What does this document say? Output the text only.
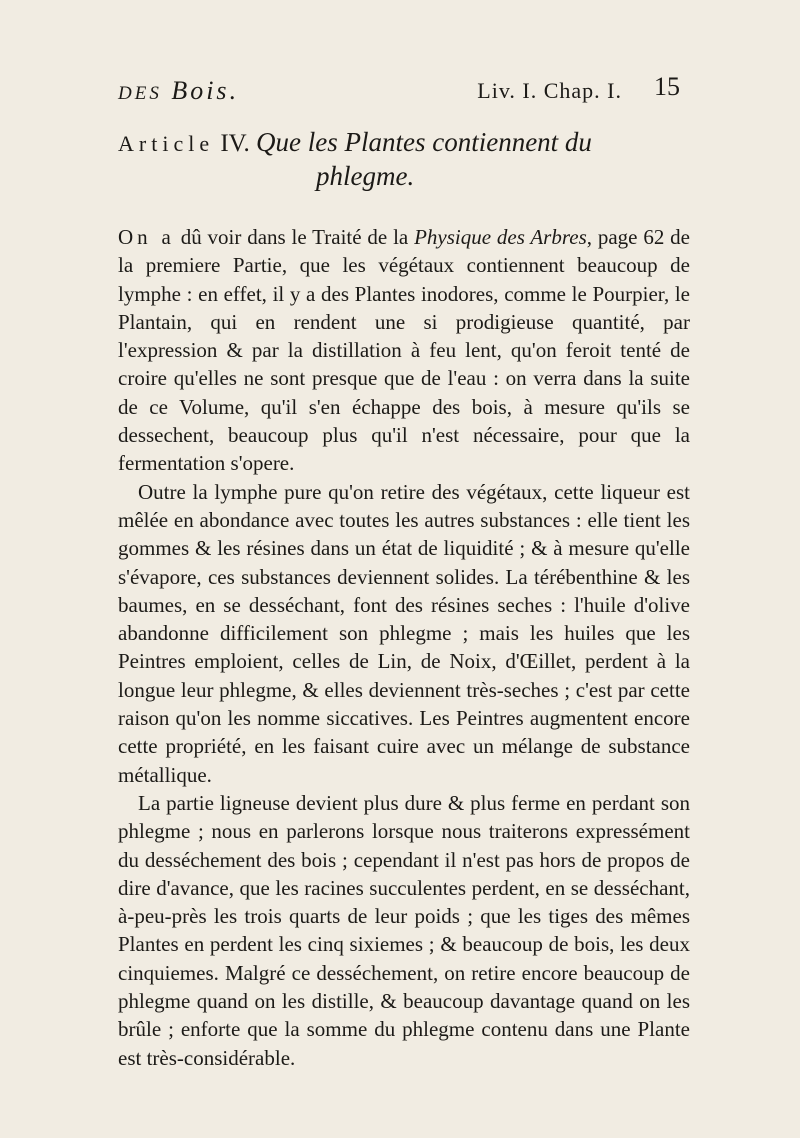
DES Bois.	Liv. I. Chap. I. 15
Article IV. Que les Plantes contiennent du
phlegme.

On a dû voir dans le Traité de la Physique des Arbres, page 62 de la premiere Partie, que les végétaux contiennent beaucoup de lymphe : en effet, il y a des Plantes inodores, comme le Pourpier, le Plantain, qui en rendent une si prodigieuse quantité, par l'expression & par la distillation à feu lent, qu'on feroit tenté de croire qu'elles ne sont presque que de l'eau : on verra dans la suite de ce Volume, qu'il s'en échappe des bois, à mesure qu'ils se dessechent, beaucoup plus qu'il n'est nécessaire, pour que la fermentation s'opere.

Outre la lymphe pure qu'on retire des végétaux, cette liqueur est mêlée en abondance avec toutes les autres substances : elle tient les gommes & les résines dans un état de liquidité ; & à mesure qu'elle s'évapore, ces substances deviennent solides. La térébenthine & les baumes, en se desséchant, font des résines seches : l'huile d'olive abandonne difficilement son phlegme ; mais les huiles que les Peintres emploient, celles de Lin, de Noix, d'Œillet, perdent à la longue leur phlegme, & elles deviennent très-seches ; c'est par cette raison qu'on les nomme siccatives. Les Peintres augmentent encore cette propriété, en les faisant cuire avec un mélange de substance métallique.

La partie ligneuse devient plus dure & plus ferme en perdant son phlegme ; nous en parlerons lorsque nous traiterons expressément du desséchement des bois ; cependant il n'est pas hors de propos de dire d'avance, que les racines succulentes perdent, en se desséchant, à-peu-près les trois quarts de leur poids ; que les tiges des mêmes Plantes en perdent les cinq sixiemes ; & beaucoup de bois, les deux cinquiemes. Malgré ce desséchement, on retire encore beaucoup de phlegme quand on les distille, & beaucoup davantage quand on les brûle ; enforte que la somme du phlegme contenu dans une Plante est très-considérable.
